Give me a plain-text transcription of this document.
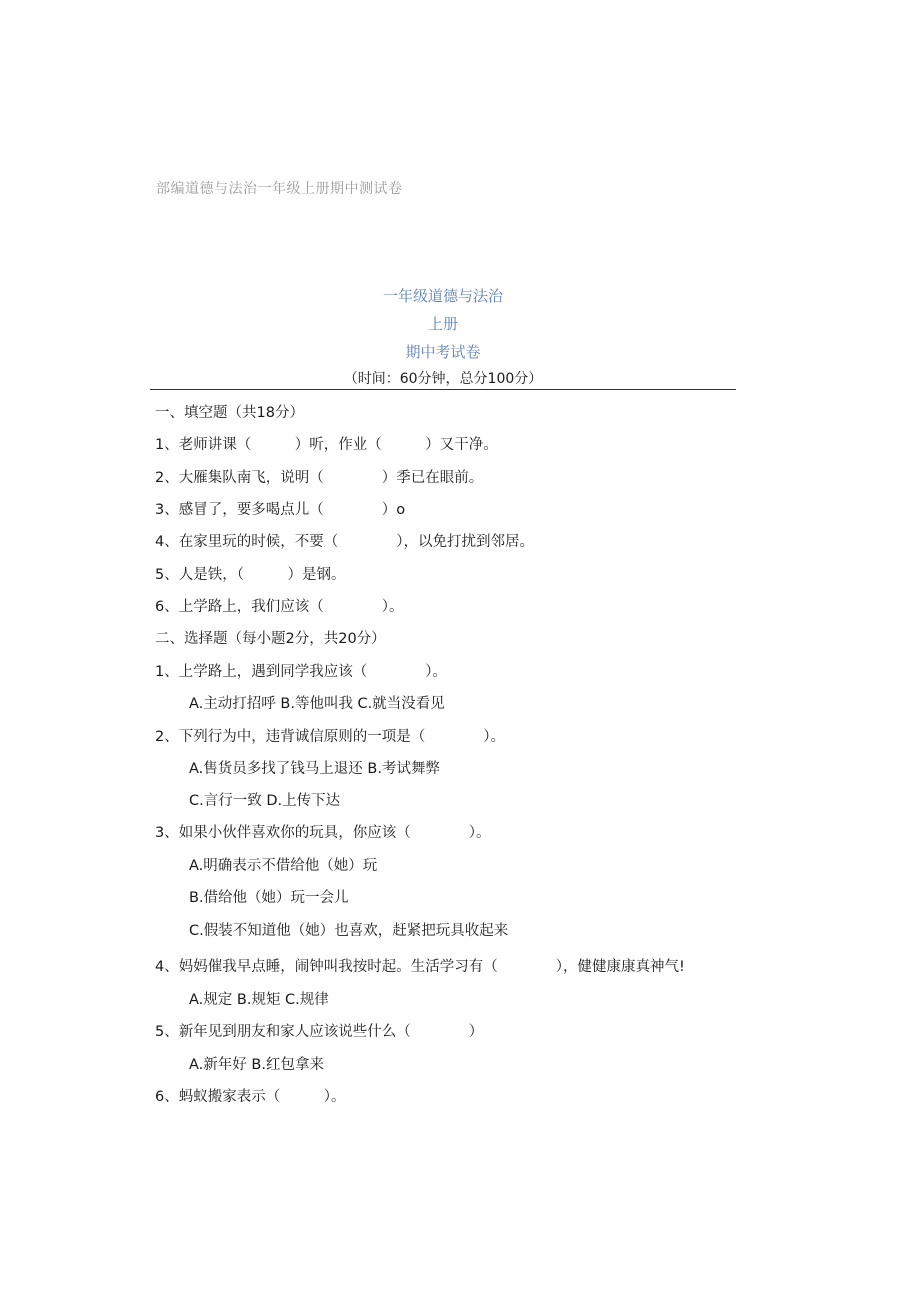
部编道德与法治一年级上册期中测试卷
一年级道德与法治
上册
期中考试卷
（时间：60分钟，总分100分）
一、填空题（共18分）
1、老师讲课（　　　）听，作业（　　　）又干净。
2、大雁集队南飞，说明（　　　　）季已在眼前。
3、感冒了，要多喝点儿（　　　　）o
4、在家里玩的时候，不要（　　　　），以免打扰到邻居。
5、人是铁，（　　　）是钢。
6、上学路上，我们应该（　　　　）。
二、选择题（每小题2分，共20分）
1、上学路上，遇到同学我应该（　　　　）。
A.主动打招呼 B.等他叫我 C.就当没看见
2、下列行为中，违背诚信原则的一项是（　　　　）。
A.售货员多找了钱马上退还 B.考试舞弊
C.言行一致 D.上传下达
3、如果小伙伴喜欢你的玩具，你应该（　　　　）。
A.明确表示不借给他（她）玩
B.借给他（她）玩一会儿
C.假装不知道他（她）也喜欢，赶紧把玩具收起来
4、妈妈催我早点睡，闹钟叫我按时起。生活学习有（　　　　），健健康康真神气!
A.规定 B.规矩 C.规律
5、新年见到朋友和家人应该说些什么（　　　　）
A.新年好 B.红包拿来
6、蚂蚁搬家表示（　　　）。
